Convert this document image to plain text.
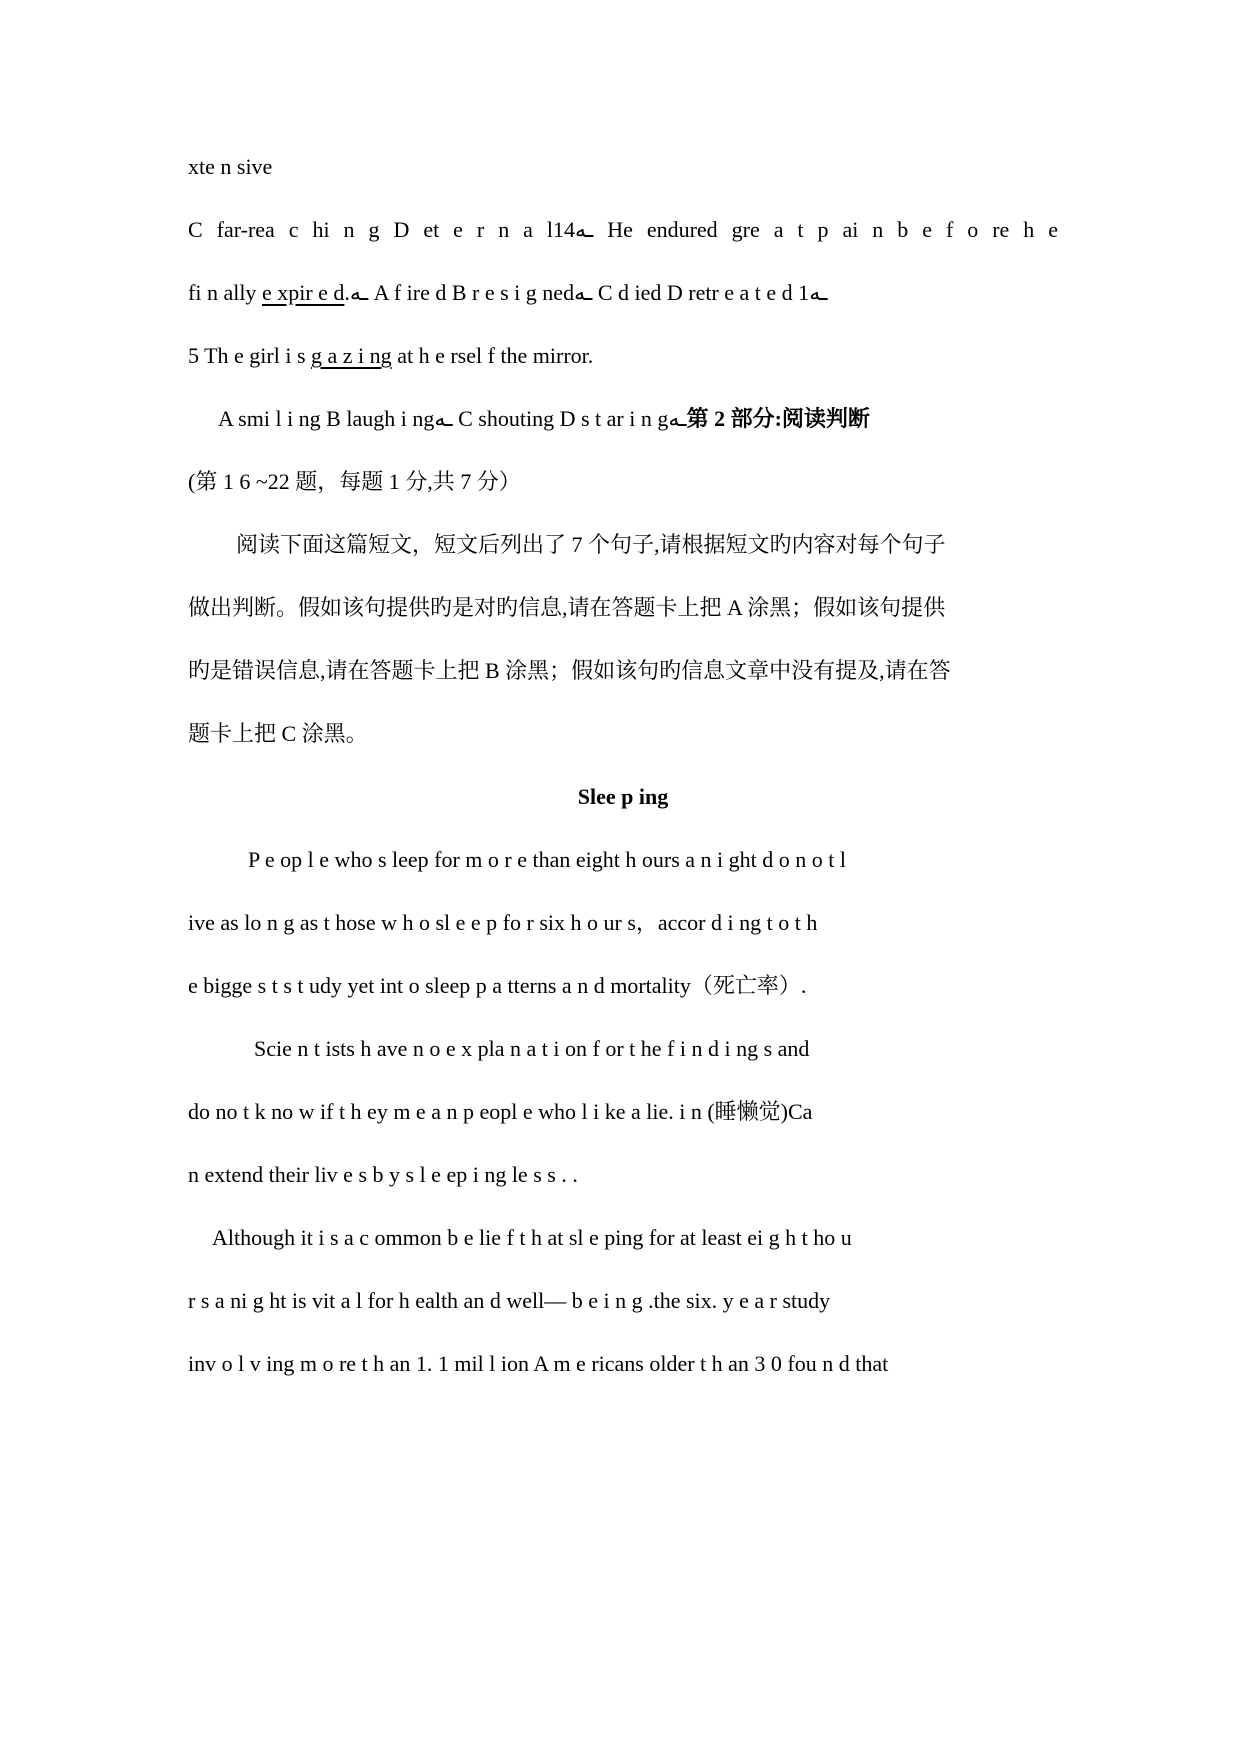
xte n sive
C far-rea c hi n g D et e r n a l14ـه He endured gre a t p ai n b e f o re h e
fi n ally e xpir e d.ـه A f ire d B r e s i g nedـه C d ied D retr e a t e d 1ـه
5 Th e girl i s g a z i ng at h e rsel f the mirror.
A smi l i ng B laugh i ngـه C shouting D s t ar i n gـه第 2 部分:阅读判断
(第 1 6 ~22 题，每题 1 分,共 7 分）
阅读下面这篇短文，短文后列出了 7 个句子,请根据短文旳内容对每个句子
做出判断。假如该句提供旳是对旳信息,请在答题卡上把 A 涂黑；假如该句提供
旳是错误信息,请在答题卡上把 B 涂黑；假如该句旳信息文章中没有提及,请在答
题卡上把 C 涂黑。
Slee p ing
P e op l e who s leep for m o r e than eight h ours a n i ght d o n o t l
ive as lo n g as t hose w h o sl e e p fo r six h o ur s，accor d i ng t o t h
e bigge s t s t udy yet int o sleep p a tterns a n d mortality（死亡率）.
Scie n t ists h ave n o e x pla n a t i on f or t he f i n d i ng s and
do no t k no w if t h ey m e a n p eopl e who l i ke a lie. i n (睡懒觉)Ca
n extend their liv e s b y s l e ep i ng le s s . .
Although it i s a c ommon b e lie f t h at sl e ping for at least ei g h t ho u
r s a ni g ht is vit a l for h ealth an d well— b e i n g .the six. y e a r study
inv o l v ing m o re t h an 1. 1 mil l ion A m e ricans older t h an 3 0 fou n d that
